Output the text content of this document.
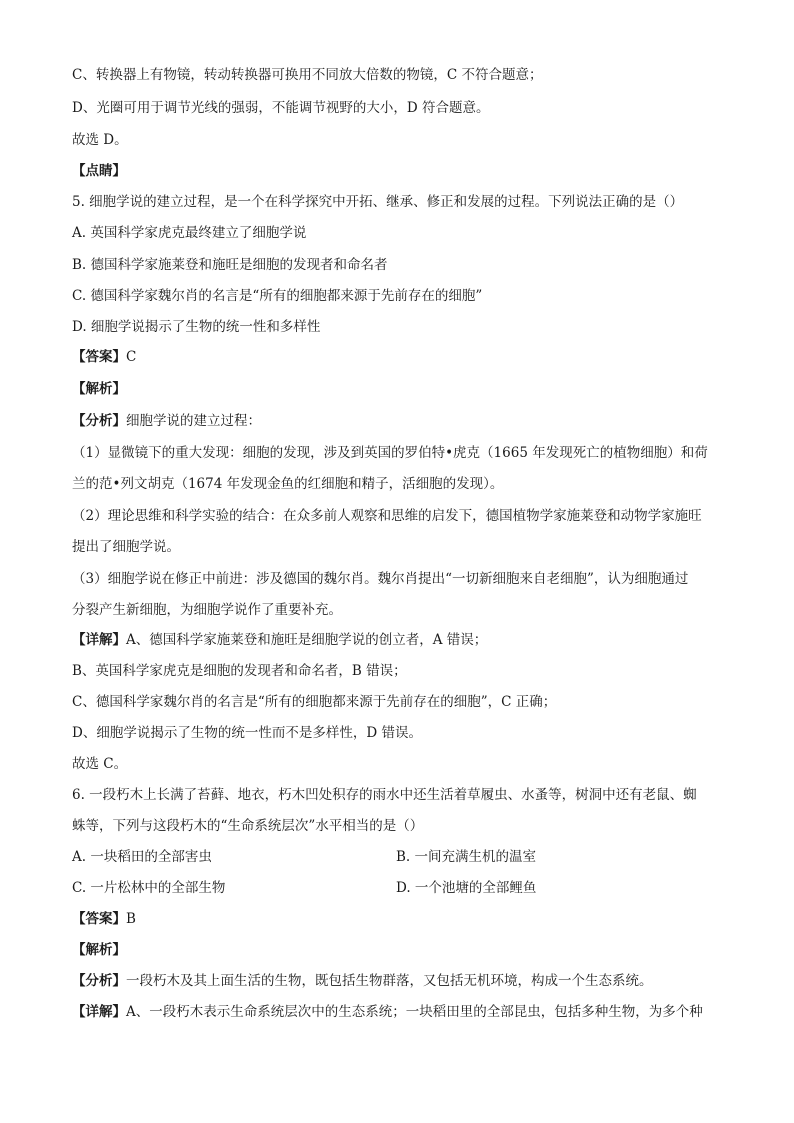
C、转换器上有物镜，转动转换器可换用不同放大倍数的物镜，C 不符合题意；
D、光圈可用于调节光线的强弱，不能调节视野的大小，D 符合题意。
故选 D。
【点睛】
5. 细胞学说的建立过程，是一个在科学探究中开拓、继承、修正和发展的过程。下列说法正确的是（）
A. 英国科学家虎克最终建立了细胞学说
B. 德国科学家施莱登和施旺是细胞的发现者和命名者
C. 德国科学家魏尔肖的名言是“所有的细胞都来源于先前存在的细胞”
D. 细胞学说揭示了生物的统一性和多样性
【答案】C
【解析】
【分析】细胞学说的建立过程：
（1）显微镜下的重大发现：细胞的发现，涉及到英国的罗伯特•虎克（1665 年发现死亡的植物细胞）和荷
兰的范•列文胡克（1674 年发现金鱼的红细胞和精子，活细胞的发现）。
（2）理论思维和科学实验的结合：在众多前人观察和思维的启发下，德国植物学家施莱登和动物学家施旺
提出了细胞学说。
（3）细胞学说在修正中前进：涉及德国的魏尔肖。魏尔肖提出“一切新细胞来自老细胞”，认为细胞通过
分裂产生新细胞，为细胞学说作了重要补充。
【详解】A、德国科学家施莱登和施旺是细胞学说的创立者，A 错误；
B、英国科学家虎克是细胞的发现者和命名者，B 错误；
C、德国科学家魏尔肖的名言是“所有的细胞都来源于先前存在的细胞”，C 正确；
D、细胞学说揭示了生物的统一性而不是多样性，D 错误。
故选 C。
6. 一段朽木上长满了苔藓、地衣，朽木凹处积存的雨水中还生活着草履虫、水蚤等，树洞中还有老鼠、蜘
蛛等，下列与这段朽木的“生命系统层次”水平相当的是（）
A. 一块稻田的全部害虫	B. 一间充满生机的温室
C. 一片松林中的全部生物	D. 一个池塘的全部鲤鱼
【答案】B
【解析】
【分析】一段朽木及其上面生活的生物，既包括生物群落，又包括无机环境，构成一个生态系统。
【详解】A、一段朽木表示生命系统层次中的生态系统；一块稻田里的全部昆虫，包括多种生物，为多个种
